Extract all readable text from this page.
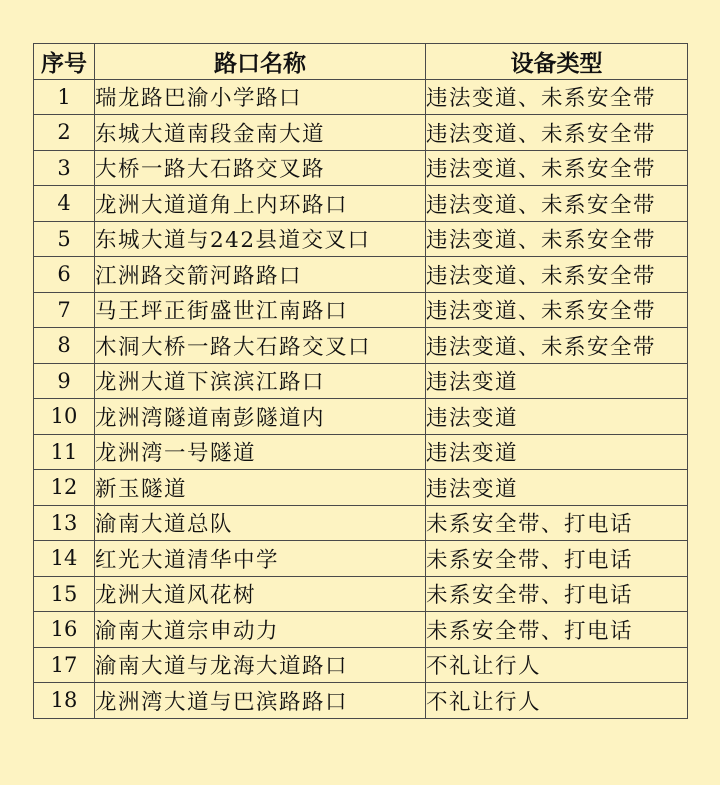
序号	路口名称	设备类型
1	瑞龙路巴渝小学路口	违法变道、未系安全带
2	东城大道南段金南大道	违法变道、未系安全带
3	大桥一路大石路交叉路	违法变道、未系安全带
4	龙洲大道道角上内环路口	违法变道、未系安全带
5	东城大道与242县道交叉口	违法变道、未系安全带
6	江洲路交箭河路路口	违法变道、未系安全带
7	马王坪正街盛世江南路口	违法变道、未系安全带
8	木洞大桥一路大石路交叉口	违法变道、未系安全带
9	龙洲大道下滨滨江路口	违法变道
10	龙洲湾隧道南彭隧道内	违法变道
11	龙洲湾一号隧道	违法变道
12	新玉隧道	违法变道
13	渝南大道总队	未系安全带、打电话
14	红光大道清华中学	未系安全带、打电话
15	龙洲大道风花树	未系安全带、打电话
16	渝南大道宗申动力	未系安全带、打电话
17	渝南大道与龙海大道路口	不礼让行人
18	龙洲湾大道与巴滨路路口	不礼让行人
